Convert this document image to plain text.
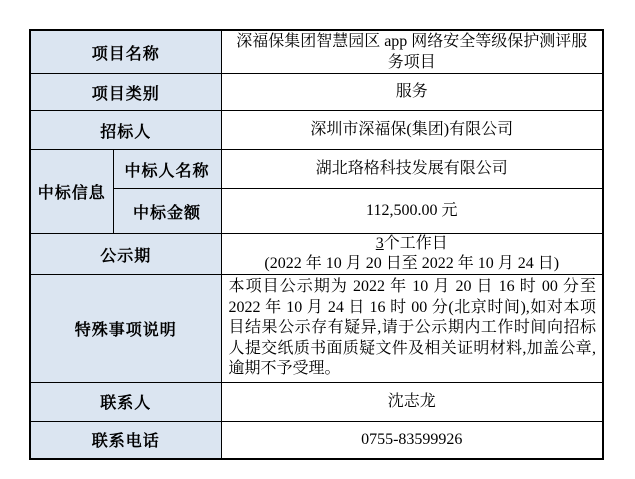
项目名称		深福保集团智慧园区 app 网络安全等级保护测评服务项目
项目类别		服务
招标人		深圳市深福保(集团)有限公司
中标信息	中标人名称	湖北珞格科技发展有限公司
	中标金额	112,500.00 元
公示期		3个工作日
(2022 年 10 月 20 日至 2022 年 10 月 24 日)

特殊事项说明		本项目公示期为 2022 年 10 月 20 日 16 时 00 分至 2022 年 10 月 24 日 16 时 00 分(北京时间),如对本项目结果公示存有疑异,请于公示期内工作时间向招标人提交纸质书面质疑文件及相关证明材料,加盖公章,逾期不予受理。
联系人		沈志龙
联系电话		0755-83599926
